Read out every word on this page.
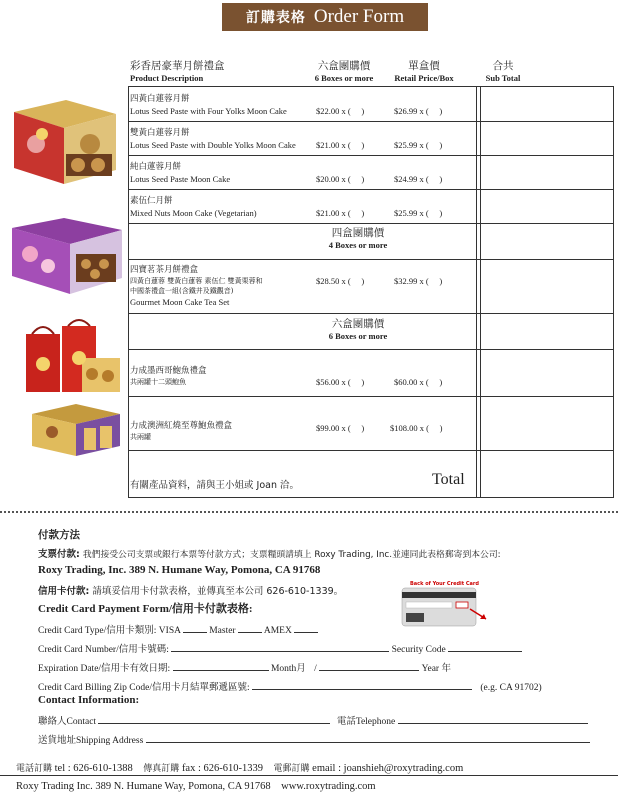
訂購表格 Order Form
彩香居豪華月餅禮盒
Product Description
六盒團購價
6 Boxes or more
單盒價
Retail Price/Box
合共
Sub Total
四黃白蓮蓉月餅
Lotus Seed Paste with Four Yolks Moon Cake	$22.00 x (     )	$26.99 x (     )
雙黃白蓮蓉月餅
Lotus Seed Paste with Double Yolks Moon Cake	$21.00 x (     )	$25.99 x (     )
純白蓮蓉月餅
Lotus Seed Paste Moon Cake	$20.00 x (     )	$24.99 x (     )
素伍仁月餅
Mixed Nuts Moon Cake (Vegetarian)	$21.00 x (     )	$25.99 x (     )
四盒團購價
4 Boxes or more
四寶茗茶月餅禮盒
四黃白蓮蓉 雙黃白蓮蓉 素伍仁 雙黃栗蓉和
中國茶禮盒一組(含鐵井及鐵觀音)
Gourmet Moon Cake Tea Set
$28.50 x (     )	$32.99 x (     )
六盒團購價
6 Boxes or more
力成墨西哥鮑魚禮盒
共兩罐十二頭鮑魚	$56.00 x (     )	$60.00 x (     )
力成澳洲紅燒至尊鮑魚禮盒
共兩罐
$99.00 x (     )	$108.00 x (     )
有關產品資料，請與王小姐或 Joan 洽。	Total
付款方法
支票付款: 我們接受公司支票或銀行本票等付款方式；支票糧頭請填上 Roxy Trading, Inc.並連同此表格郵寄到本公司:
Roxy Trading, Inc. 389 N. Humane Way, Pomona, CA 91768
信用卡付款: 請填妥信用卡付款表格，並傳真至本公司 626-610-1339。
Credit Card Payment Form/信用卡付款表格:
Credit Card Type/信用卡類別: VISA	Master	AMEX
Credit Card Number/信用卡號碼:	Security Code
Expiration Date/信用卡有效日期:	Month月 /	Year 年
Credit Card Billing Zip Code/信用卡月結單郵遞區號:	(e.g. CA 91702)
Contact Information:
聯絡人Contact	電話Telephone
送貨地址Shipping Address
Back of Your Credit Card
電話訂購 tel : 626-610-1388 傳真訂購 fax : 626-610-1339 電郵訂購 email : joanshieh@roxytrading.com
Roxy Trading Inc. 389 N. Humane Way, Pomona, CA 91768 www.roxytrading.com
